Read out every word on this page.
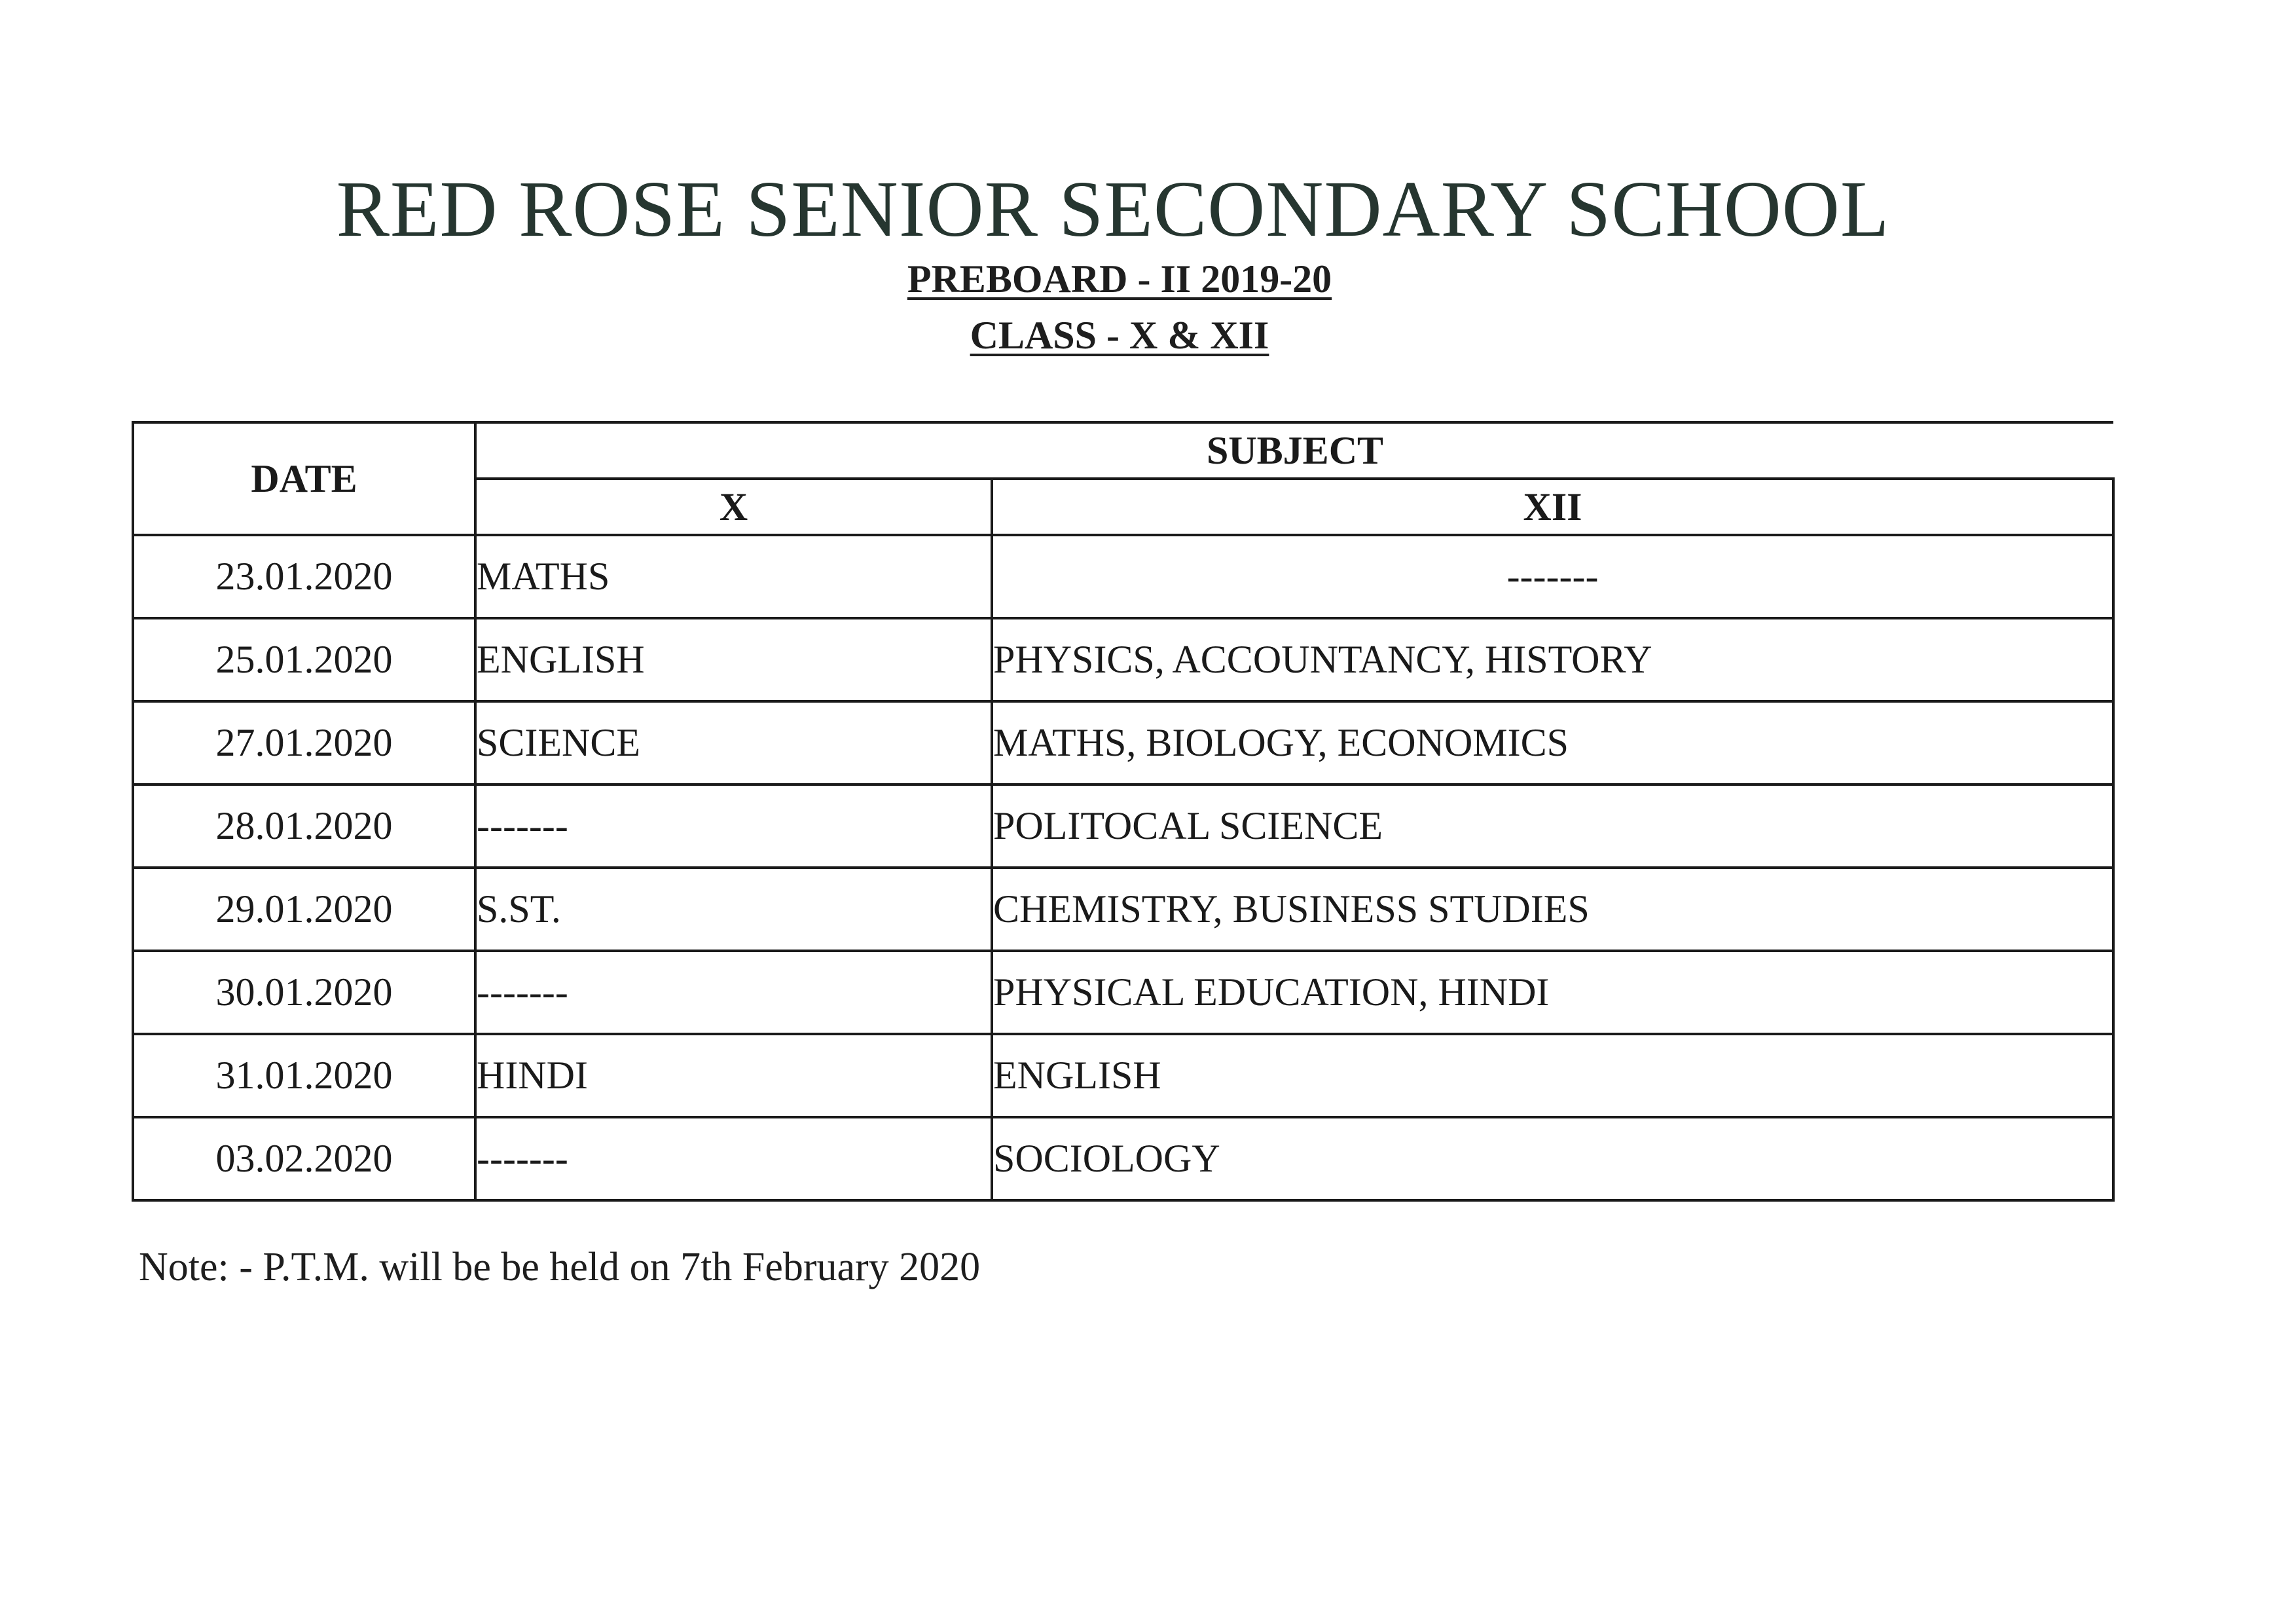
RED ROSE SENIOR SECONDARY SCHOOL
PREBOARD - II 2019-20
CLASS - X & XII
DATE	SUBJECT	
	X	XII
23.01.2020	MATHS	-------
25.01.2020	ENGLISH	PHYSICS, ACCOUNTANCY, HISTORY
27.01.2020	SCIENCE	MATHS, BIOLOGY, ECONOMICS
28.01.2020	-------	POLITOCAL SCIENCE
29.01.2020	S.ST.	CHEMISTRY, BUSINESS STUDIES
30.01.2020	-------	PHYSICAL EDUCATION, HINDI
31.01.2020	HINDI	ENGLISH
03.02.2020	-------	SOCIOLOGY
Note: - P.T.M. will be be held on 7th February 2020
